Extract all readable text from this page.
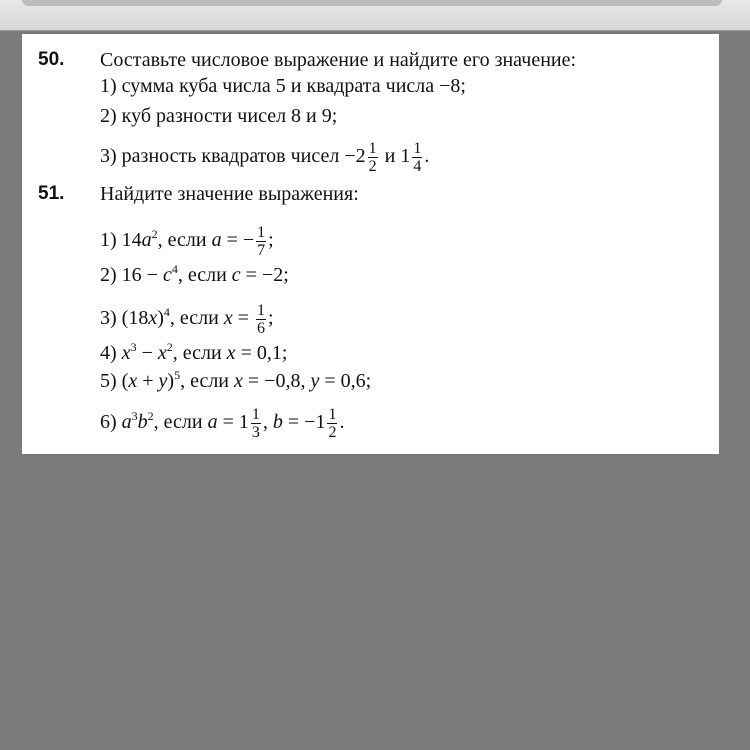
50. Составьте числовое выражение и найдите его значение:
1) сумма куба числа 5 и квадрата числа −8;
2) куб разности чисел 8 и 9;
3) разность квадратов чисел $-2 \frac{1}{2}$ и $1 \frac{1}{4}$ .
51. Найдите значение выражения:
1) $14a^2$, если a = − $\frac{1}{7}$ ;
2) $16 - c^4$, если c = −2;
3) $(18x)^4$, если $x = \frac{1}{6}$ ;
4) $x^3 - x^2$, если x = 0,1;
5) $(x + y)^5$, если x = −0,8, y = 0,6;
6) $a^3b^2$, если $a = 1 \frac{1}{3}$ , $b = -1 \frac{1}{2}$ .
